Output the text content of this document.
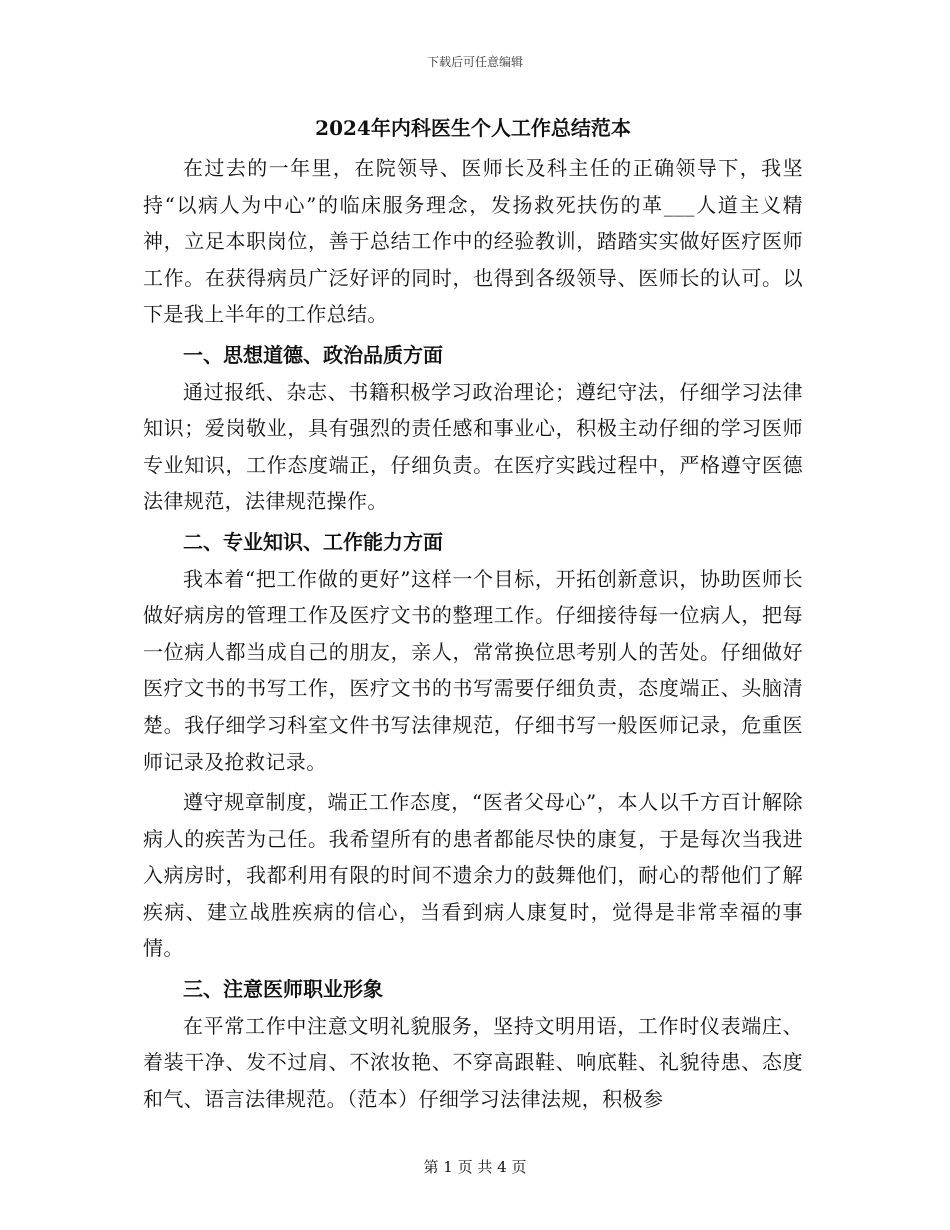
下载后可任意编辑
2024年内科医生个人工作总结范本

在过去的一年里，在院领导、医师长及科主任的正确领导下，我坚持“以病人为中心”的临床服务理念，发扬救死扶伤的革___人道主义精神，立足本职岗位，善于总结工作中的经验教训，踏踏实实做好医疗医师工作。在获得病员广泛好评的同时，也得到各级领导、医师长的认可。以下是我上半年的工作总结。

一、思想道德、政治品质方面

通过报纸、杂志、书籍积极学习政治理论；遵纪守法，仔细学习法律知识；爱岗敬业，具有强烈的责任感和事业心，积极主动仔细的学习医师专业知识，工作态度端正，仔细负责。在医疗实践过程中，严格遵守医德法律规范，法律规范操作。

二、专业知识、工作能力方面

我本着“把工作做的更好”这样一个目标，开拓创新意识，协助医师长做好病房的管理工作及医疗文书的整理工作。仔细接待每一位病人，把每一位病人都当成自己的朋友，亲人，常常换位思考别人的苦处。仔细做好医疗文书的书写工作，医疗文书的书写需要仔细负责，态度端正、头脑清楚。我仔细学习科室文件书写法律规范，仔细书写一般医师记录，危重医师记录及抢救记录。

遵守规章制度，端正工作态度，“医者父母心”，本人以千方百计解除病人的疾苦为己任。我希望所有的患者都能尽快的康复，于是每次当我进入病房时，我都利用有限的时间不遗余力的鼓舞他们，耐心的帮他们了解疾病、建立战胜疾病的信心，当看到病人康复时，觉得是非常幸福的事情。

三、注意医师职业形象

在平常工作中注意文明礼貌服务，坚持文明用语，工作时仪表端庄、着装干净、发不过肩、不浓妆艳、不穿高跟鞋、响底鞋、礼貌待患、态度和气、语言法律规范。（范本）仔细学习法律法规，积极参

第 1 页 共 4 页
